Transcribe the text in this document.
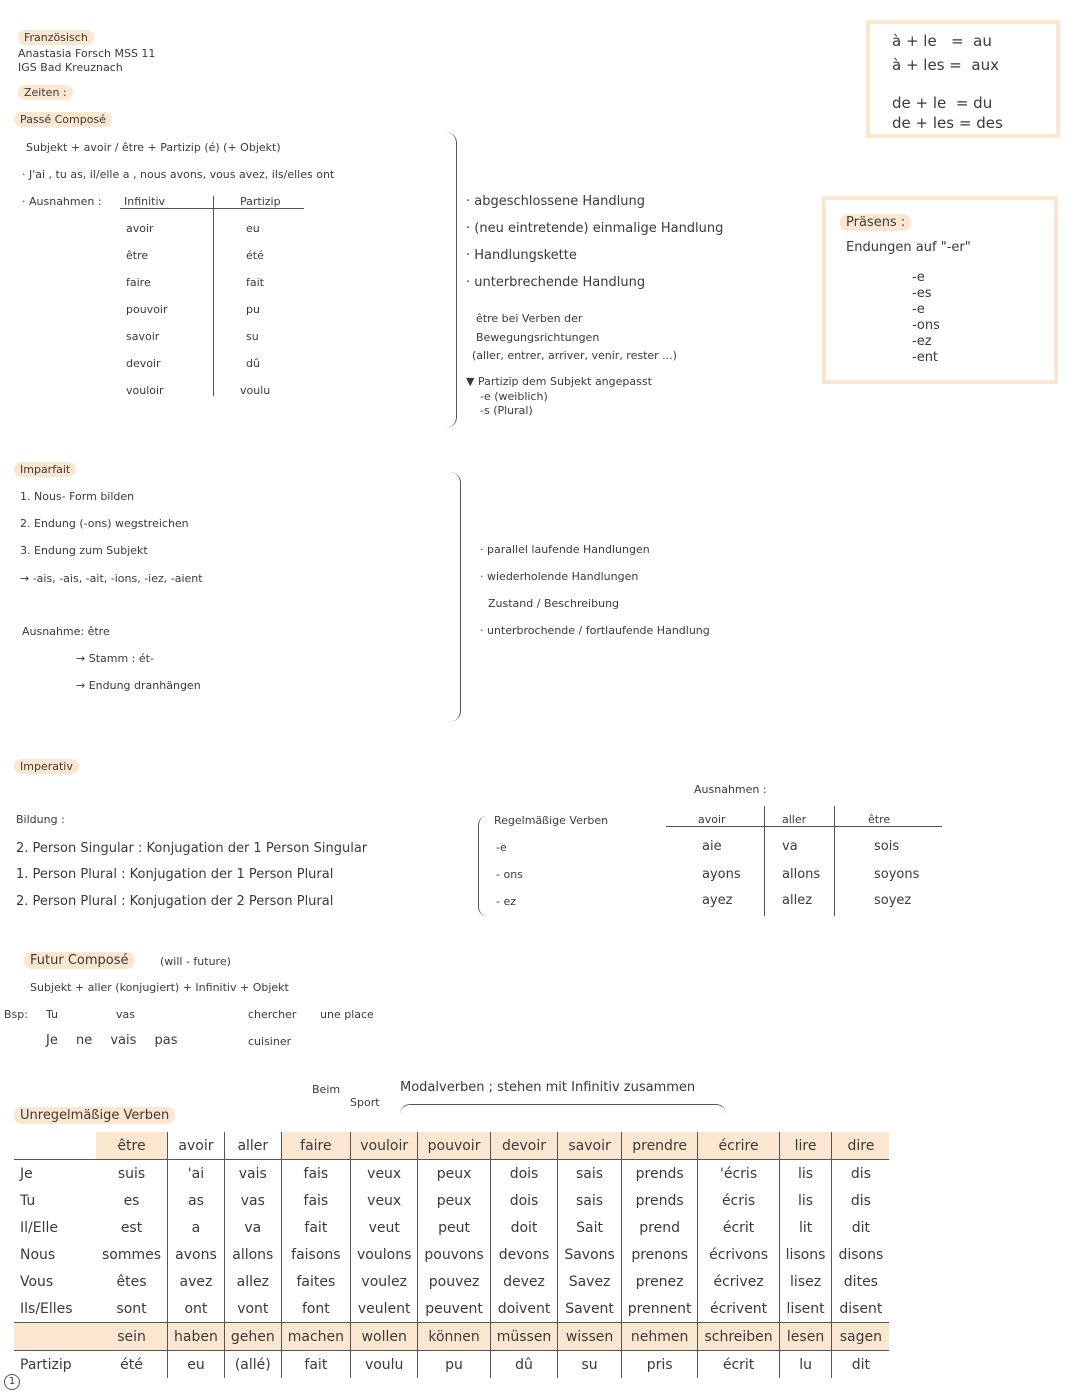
Französisch
Anastasia Forsch MSS 11
IGS Bad Kreuznach
Zeiten :
à + le = au
à + les = aux
de + le = du
de + les = des
Passé Composé
Subjekt + avoir / être + Partizip (é) (+ Objekt)
· J'ai , tu as, il/elle a , nous avons, vous avez, ils/elles ont
· Ausnahmen : Infinitiv	Partizip
avoir	eu
être	été
faire	fait
pouvoir	pu
savoir	su
devoir	dû
vouloir	voulu
· abgeschlossene Handlung
· (neu eintretende) einmalige Handlung
· Handlungskette
· unterbrechende Handlung
être bei Verben der
Bewegungsrichtungen
(aller, entrer, arriver, venir, rester ...)
▼ Partizip dem Subjekt angepasst
-e (weiblich)
-s (Plural)
Präsens :
Endungen auf "-er"
-e
-es
-e
-ons
-ez
-ent
Imparfait
1. Nous- Form bilden
2. Endung (-ons) wegstreichen
3. Endung zum Subjekt
→ -ais, -ais, -ait, -ions, -iez, -aient
Ausnahme: être
→ Stamm : ét-
→ Endung dranhängen
· parallel laufende Handlungen
· wiederholende Handlungen
Zustand / Beschreibung
· unterbrochende / fortlaufende Handlung
Imperativ
Bildung :
2. Person Singular : Konjugation der 1 Person Singular
1. Person Plural : Konjugation der 1 Person Plural
2. Person Plural : Konjugation der 2 Person Plural
Regelmäßige Verben
-e
- ons
- ez
Ausnahmen :
avoir	aller	être
aie	va	sois
ayons	allons	soyons
ayez	allez	soyez
Futur Composé	(will - future)
Subjekt + aller (konjugiert) + Infinitiv + Objekt
Bsp: Tu	vas	chercher une place
Je ne vais pas	cuisiner
Beim
Sport
Modalverben ; stehen mit Infinitiv zusammen
Unregelmäßige Verben
	être	avoir	aller	faire	vouloir	pouvoir	devoir	savoir	prendre	écrire	lire	dire
Je	suis	'ai	vais	fais	veux	peux	dois	sais	prends	'écris	lis	dis
Tu	es	as	vas	fais	veux	peux	dois	sais	prends	écris	lis	dis
Il/Elle	est	a	va	fait	veut	peut	doit	Sait	prend	écrit	lit	dit
Nous	sommes	avons	allons	faisons	voulons	pouvons	devons	Savons	prenons	écrivons	lisons	disons
Vous	êtes	avez	allez	faites	voulez	pouvez	devez	Savez	prenez	écrivez	lisez	dites
Ils/Elles	sont	ont	vont	font	veulent	peuvent	doivent	Savent	prennent	écrivent	lisent	disent
	sein	haben	gehen	machen	wollen	können	müssen	wissen	nehmen	schreiben	lesen	sagen
Partizip	été	eu	(allé)	fait	voulu	pu	dû	su	pris	écrit	lu	dit
1
